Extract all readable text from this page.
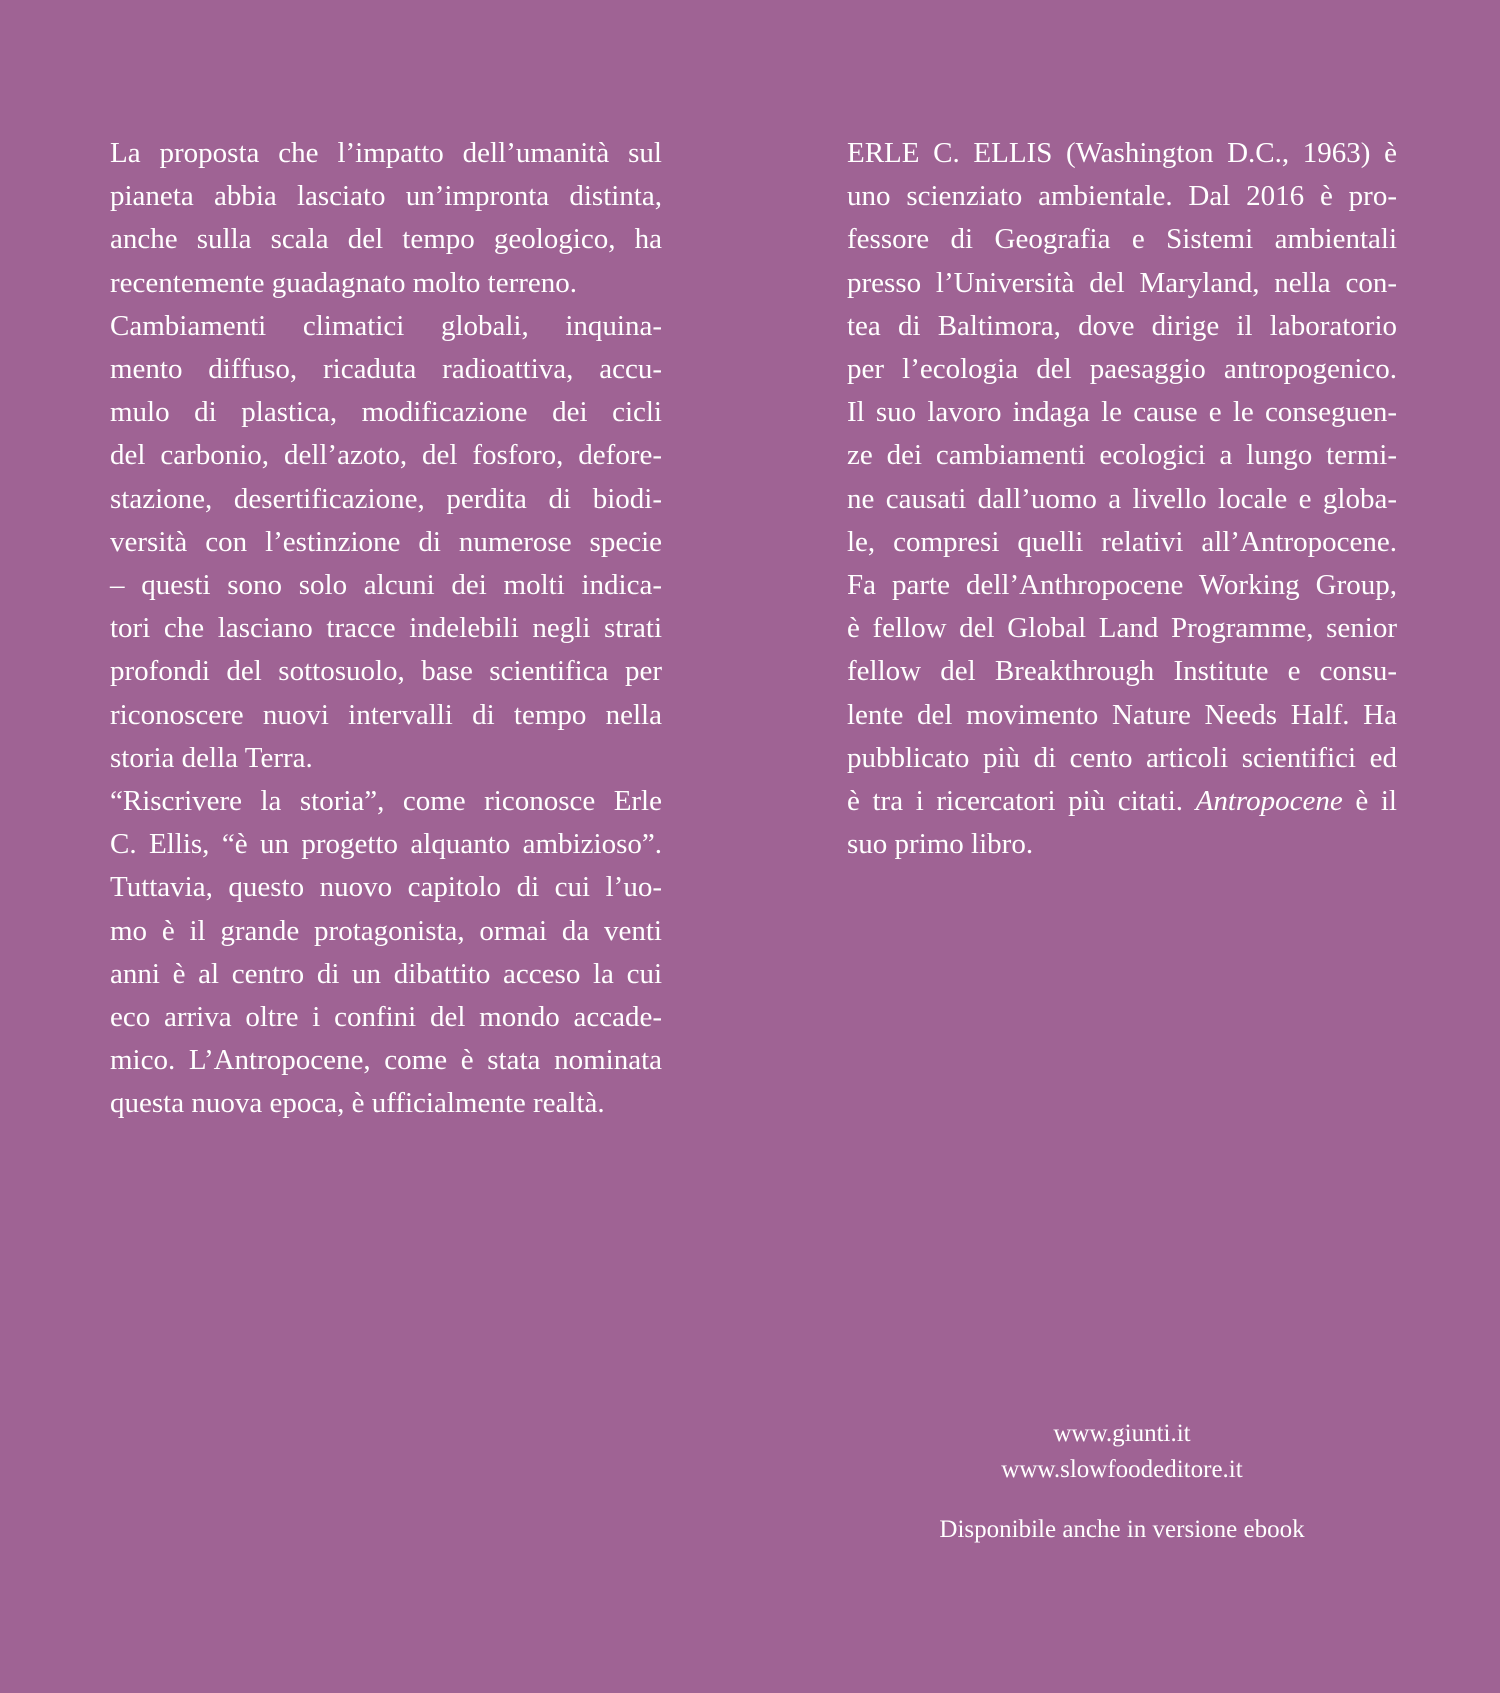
La proposta che l’impatto dell’umanità sul
pianeta abbia lasciato un’impronta distinta,
anche sulla scala del tempo geologico, ha
recentemente guadagnato molto terreno.

Cambiamenti climatici globali, inquina-
mento diffuso, ricaduta radioattiva, accu-
mulo di plastica, modificazione dei cicli
del carbonio, dell’azoto, del fosforo, defore-
stazione, desertificazione, perdita di biodi-
versità con l’estinzione di numerose specie
– questi sono solo alcuni dei molti indica-
tori che lasciano tracce indelebili negli strati
profondi del sottosuolo, base scientifica per
riconoscere nuovi intervalli di tempo nella
storia della Terra.

“Riscrivere la storia”, come riconosce Erle
C. Ellis, “è un progetto alquanto ambizioso”.
Tuttavia, questo nuovo capitolo di cui l’uo-
mo è il grande protagonista, ormai da venti
anni è al centro di un dibattito acceso la cui
eco arriva oltre i confini del mondo accade-
mico. L’Antropocene, come è stata nominata
questa nuova epoca, è ufficialmente realtà.

ERLE C. ELLIS (Washington D.C., 1963) è
uno scienziato ambientale. Dal 2016 è pro-
fessore di Geografia e Sistemi ambientali
presso l’Università del Maryland, nella con-
tea di Baltimora, dove dirige il laboratorio
per l’ecologia del paesaggio antropogenico.
Il suo lavoro indaga le cause e le conseguen-
ze dei cambiamenti ecologici a lungo termi-
ne causati dall’uomo a livello locale e globa-
le, compresi quelli relativi all’Antropocene.
Fa parte dell’Anthropocene Working Group,
è fellow del Global Land Programme, senior
fellow del Breakthrough Institute e consu-
lente del movimento Nature Needs Half. Ha
pubblicato più di cento articoli scientifici ed
è tra i ricercatori più citati. Antropocene è il
suo primo libro.

www.giunti.it
www.slowfoodeditore.it
Disponibile anche in versione ebook
